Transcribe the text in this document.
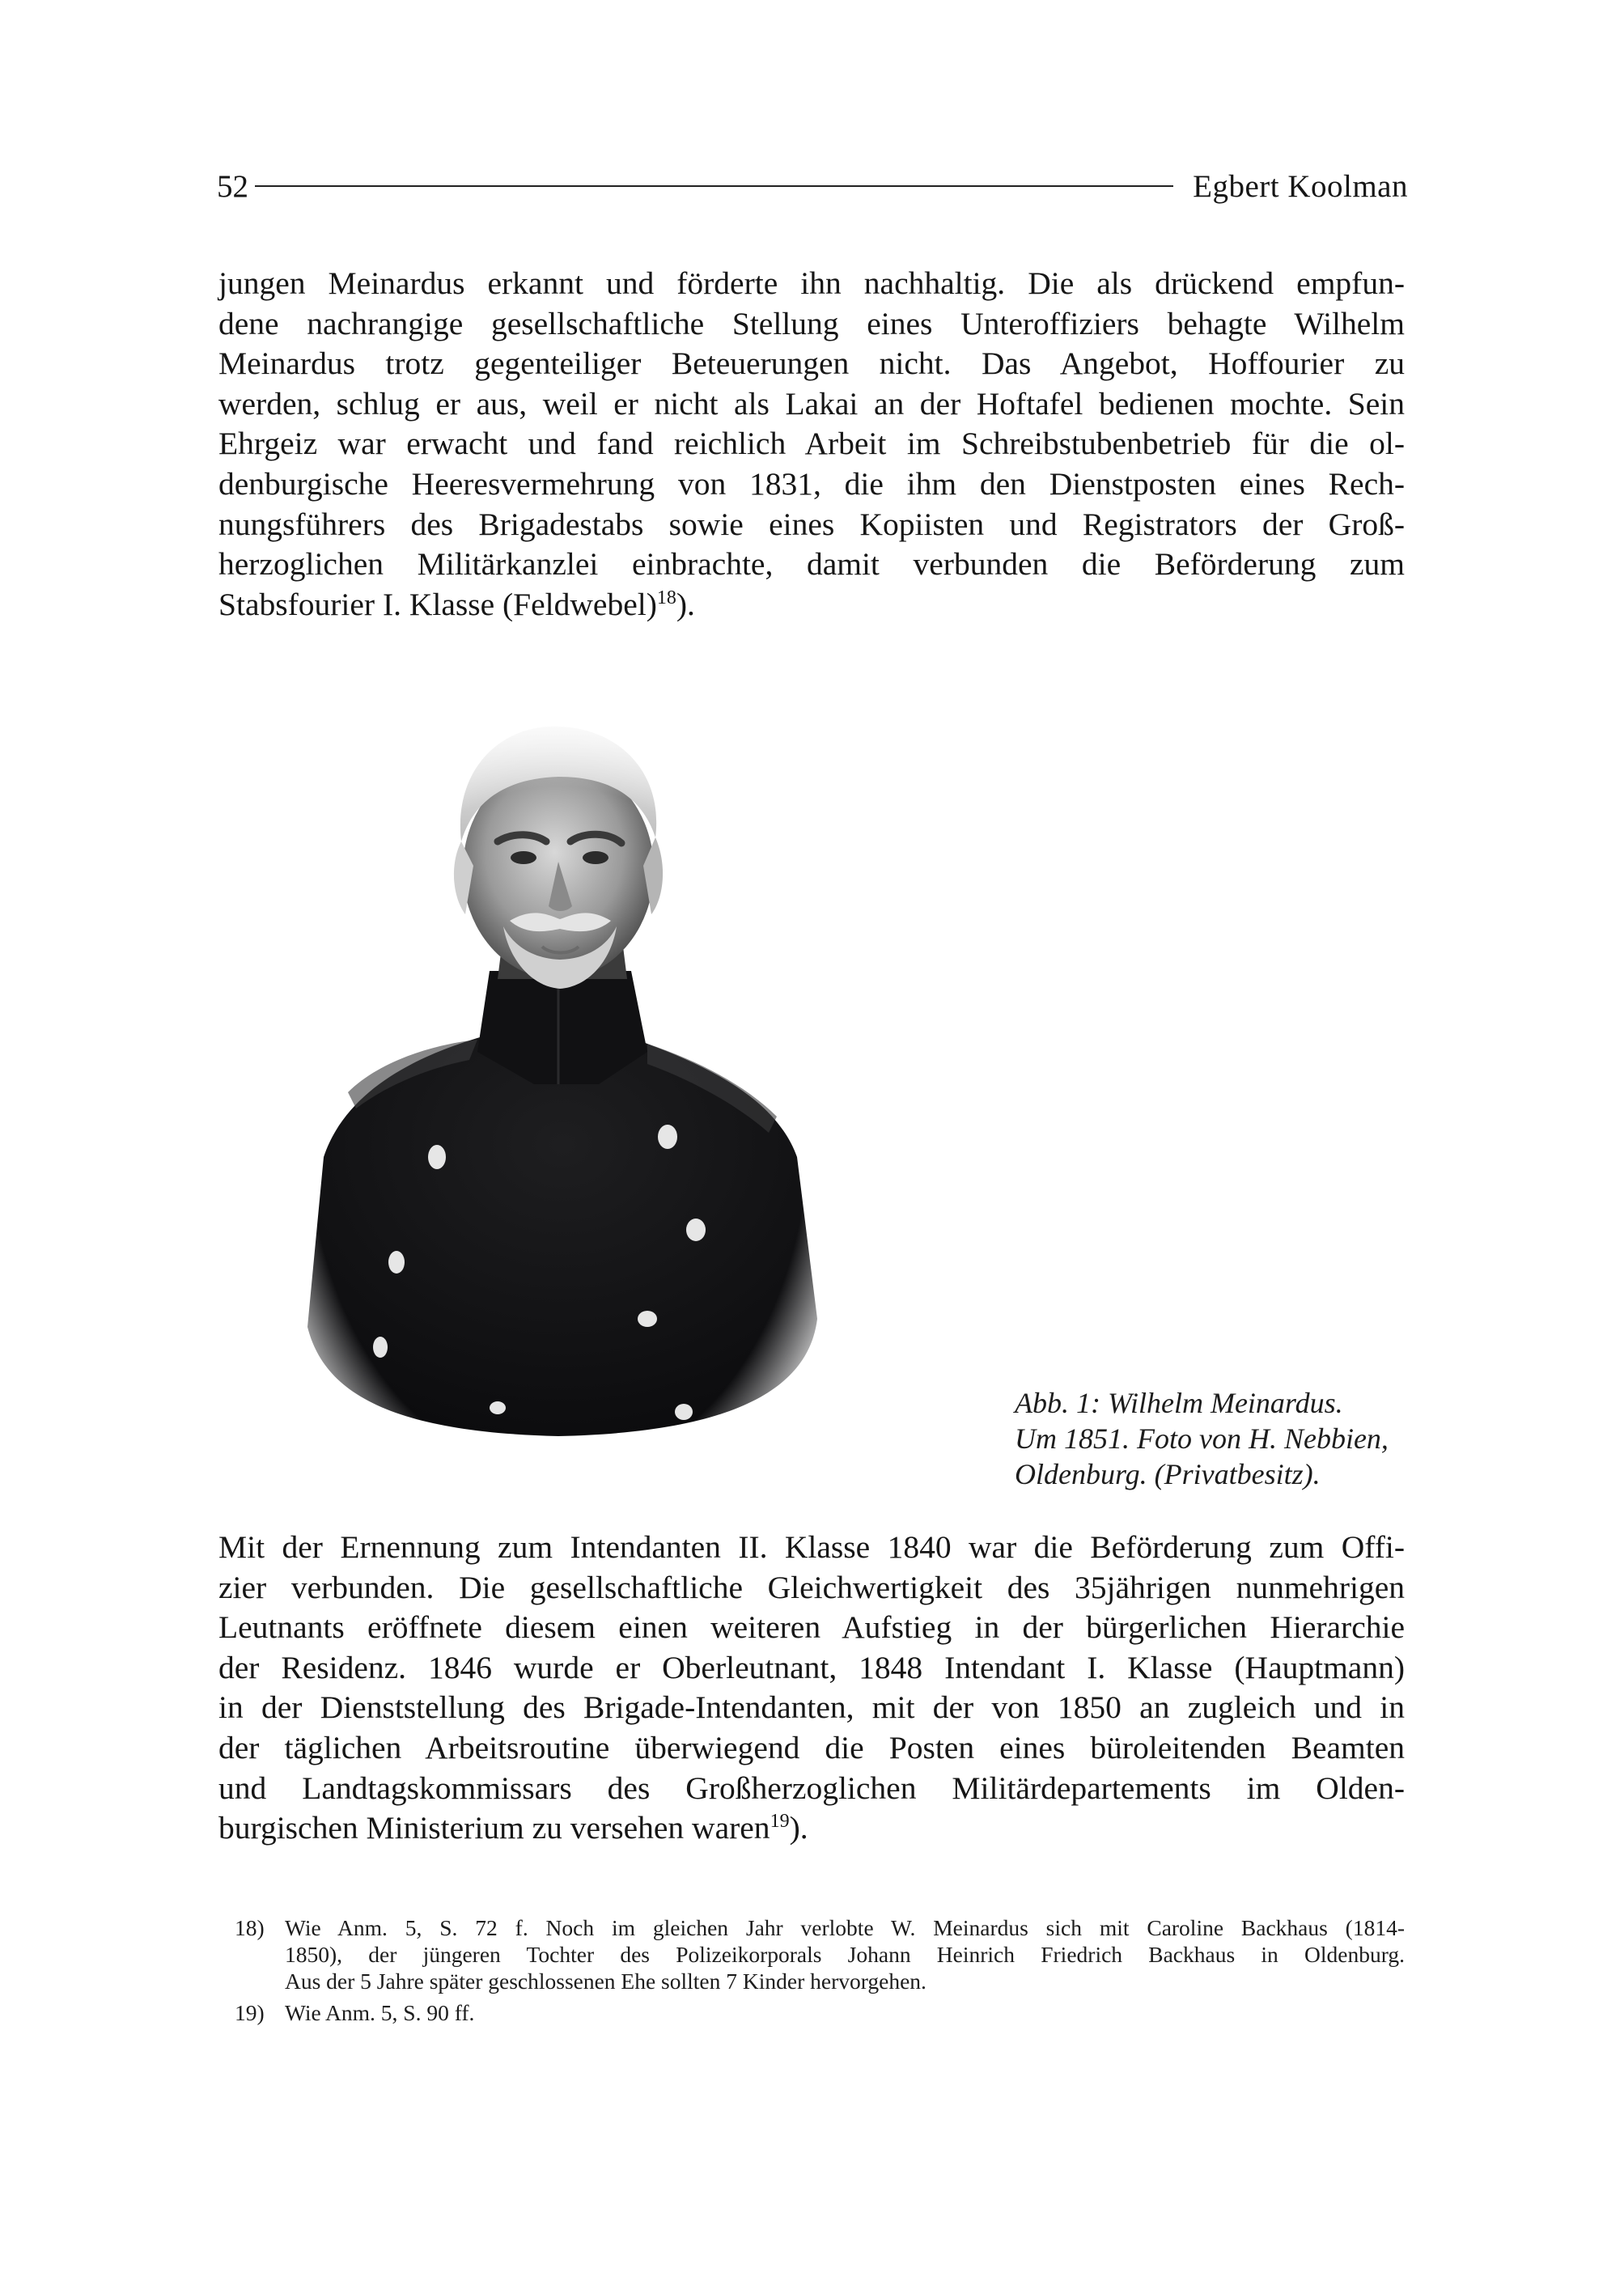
52	Egbert Koolman

jungen Meinardus erkannt und förderte ihn nachhaltig. Die als drückend empfun-
dene nachrangige gesellschaftliche Stellung eines Unteroffiziers behagte Wilhelm
Meinardus trotz gegenteiliger Beteuerungen nicht. Das Angebot, Hoffourier zu
werden, schlug er aus, weil er nicht als Lakai an der Hoftafel bedienen mochte. Sein
Ehrgeiz war erwacht und fand reichlich Arbeit im Schreibstubenbetrieb für die ol-
denburgische Heeresvermehrung von 1831, die ihm den Dienstposten eines Rech-
nungsführers des Brigadestabs sowie eines Kopiisten und Registrators der Groß-
herzoglichen Militärkanzlei einbrachte, damit verbunden die Beförderung zum
Stabsfourier I. Klasse (Feldwebel)$^{18}$).

Abb. 1: Wilhelm Meinardus.
Um 1851. Foto von H. Nebbien,
Oldenburg. (Privatbesitz).

Mit der Ernennung zum Intendanten II. Klasse 1840 war die Beförderung zum Offi-
zier verbunden. Die gesellschaftliche Gleichwertigkeit des 35jährigen nunmehrigen
Leutnants eröffnete diesem einen weiteren Aufstieg in der bürgerlichen Hierarchie
der Residenz. 1846 wurde er Oberleutnant, 1848 Intendant I. Klasse (Hauptmann)
in der Dienststellung des Brigade-Intendanten, mit der von 1850 an zugleich und in
der täglichen Arbeitsroutine überwiegend die Posten eines büroleitenden Beamten
und Landtagskommissars des Großherzoglichen Militärdepartements im Olden-
burgischen Ministerium zu versehen waren$^{19}$).

18) Wie Anm. 5, S. 72 f. Noch im gleichen Jahr verlobte W. Meinardus sich mit Caroline Backhaus (1814-
1850), der jüngeren Tochter des Polizeikorporals Johann Heinrich Friedrich Backhaus in Oldenburg.
Aus der 5 Jahre später geschlossenen Ehe sollten 7 Kinder hervorgehen.
19) Wie Anm. 5, S. 90 ff.
